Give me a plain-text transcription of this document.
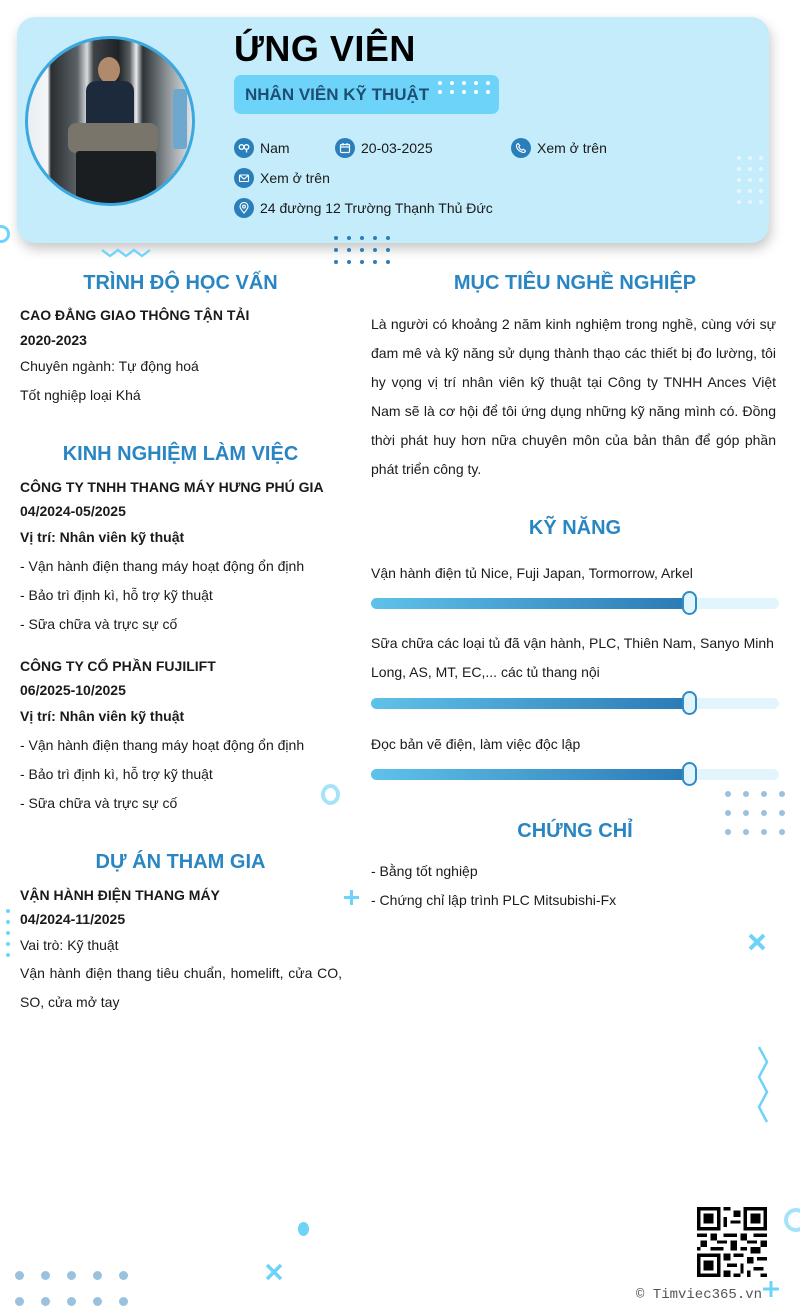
ỨNG VIÊN
NHÂN VIÊN KỸ THUẬT
Nam	20-03-2025	Xem ở trên
Xem ở trên
24 đường 12 Trường Thạnh Thủ Đức
TRÌNH ĐỘ HỌC VẤN
CAO ĐẲNG GIAO THÔNG TẬN TẢI
2020-2023
Chuyên ngành: Tự động hoá
Tốt nghiệp loại Khá
KINH NGHIỆM LÀM VIỆC
CÔNG TY TNHH THANG MÁY HƯNG PHÚ GIA
04/2024-05/2025
Vị trí: Nhân viên kỹ thuật
- Vận hành điện thang máy hoạt động ổn định
- Bảo trì định kì, hỗ trợ kỹ thuật
- Sữa chữa và trực sự cố
CÔNG TY CỔ PHẦN FUJILIFT
06/2025-10/2025
Vị trí: Nhân viên kỹ thuật
- Vận hành điện thang máy hoạt động ổn định
- Bảo trì định kì, hỗ trợ kỹ thuật
- Sữa chữa và trực sự cố
DỰ ÁN THAM GIA
VẬN HÀNH ĐIỆN THANG MÁY
04/2024-11/2025
Vai trò: Kỹ thuật
Vận hành điện thang tiêu chuẩn, homelift, cửa CO, SO, cửa mở tay
MỤC TIÊU NGHỀ NGHIỆP
Là người có khoảng 2 năm kinh nghiệm trong nghề, cùng với sự đam mê và kỹ năng sử dụng thành thạo các thiết bị đo lường, tôi hy vọng vị trí nhân viên kỹ thuật tại Công ty TNHH Ances Việt Nam sẽ là cơ hội để tôi ứng dụng những kỹ năng mình có. Đồng thời phát huy hơn nữa chuyên môn của bản thân để góp phần phát triển công ty.
KỸ NĂNG
Vận hành điện tủ Nice, Fuji Japan, Tormorrow, Arkel
Sữa chữa các loại tủ đã vận hành, PLC, Thiên Nam, Sanyo Minh Long, AS, MT, EC,... các tủ thang nội
Đọc bản vẽ điện, làm việc độc lập
CHỨNG CHỈ
- Bằng tốt nghiệp
- Chứng chỉ lập trình PLC Mitsubishi-Fx
© Timviec365.vn
